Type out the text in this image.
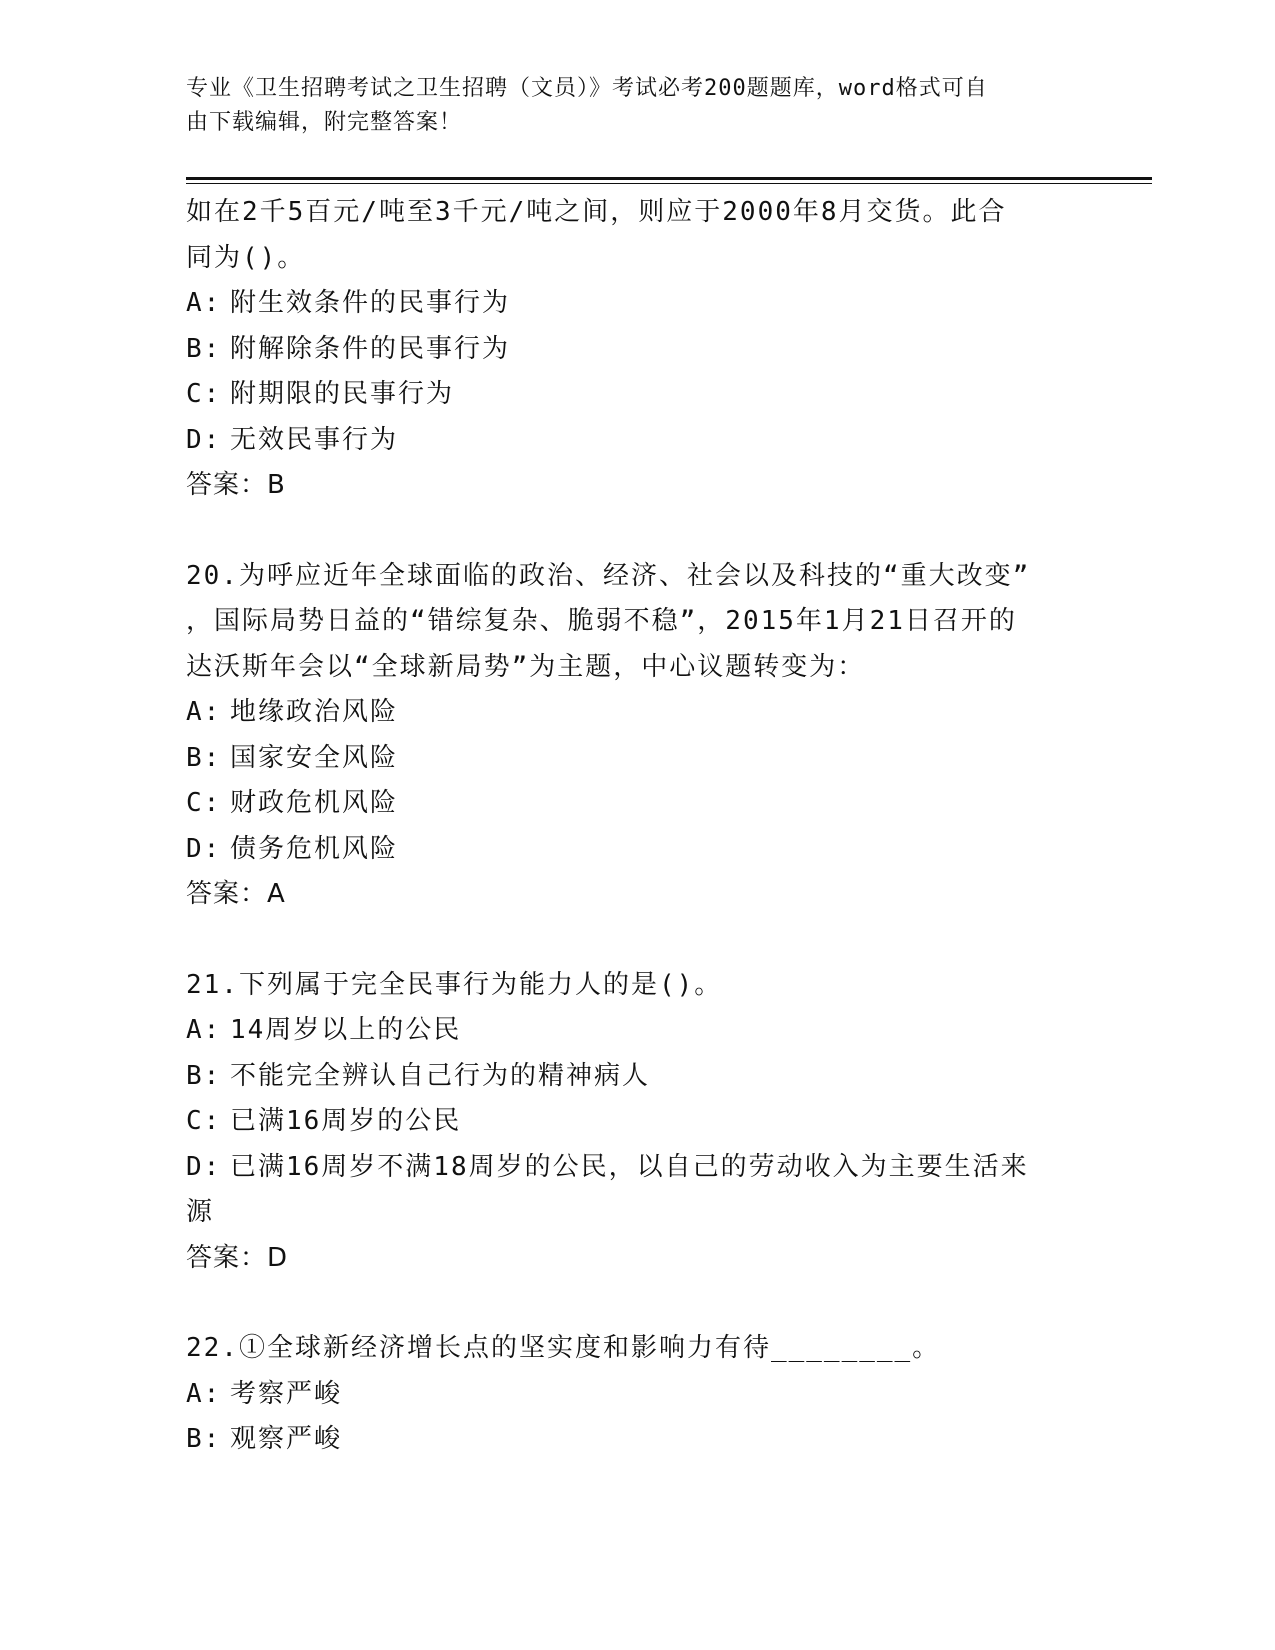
专业《卫生招聘考试之卫生招聘（文员）》考试必考200题题库，word格式可自
由下载编辑，附完整答案！
如在2千5百元/吨至3千元/吨之间，则应于2000年8月交货。此合
同为()。
A: 附生效条件的民事行为
B: 附解除条件的民事行为
C: 附期限的民事行为
D: 无效民事行为
答案：B
20.为呼应近年全球面临的政治、经济、社会以及科技的“重大改变”
，国际局势日益的“错综复杂、脆弱不稳”，2015年1月21日召开的
达沃斯年会以“全球新局势”为主题，中心议题转变为：
A: 地缘政治风险
B: 国家安全风险
C: 财政危机风险
D: 债务危机风险
答案：A
21.下列属于完全民事行为能力人的是()。
A: 14周岁以上的公民
B: 不能完全辨认自己行为的精神病人
C: 已满16周岁的公民
D: 已满16周岁不满18周岁的公民，以自己的劳动收入为主要生活来
源
答案：D
22.①全球新经济增长点的坚实度和影响力有待________。
A: 考察严峻
B: 观察严峻
